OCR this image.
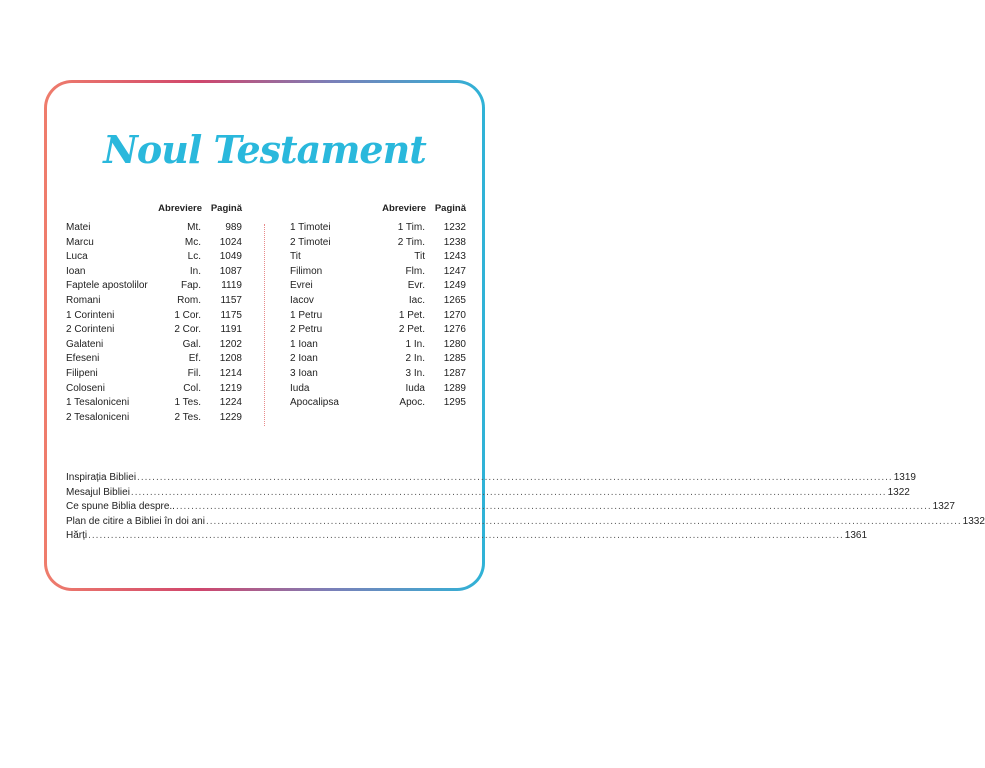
Noul Testament
Abreviere Pagină
Matei	Mt. 989
Marcu	Mc. 1024
Luca	Lc. 1049
Ioan	In. 1087
Faptele apostolilor	Fap. 1119
Romani	Rom. 1157
1 Corinteni	1 Cor. 1175
2 Corinteni	2 Cor. 1191
Galateni	Gal. 1202
Efeseni	Ef. 1208
Filipeni	Fil. 1214
Coloseni	Col. 1219
1 Tesaloniceni	1 Tes. 1224
2 Tesaloniceni	2 Tes. 1229
Abreviere Pagină
1 Timotei	1 Tim. 1232
2 Timotei	2 Tim. 1238
Tit	Tit 1243
Filimon	Flm. 1247
Evrei	Evr. 1249
Iacov	Iac. 1265
1 Petru	1 Pet. 1270
2 Petru	2 Pet. 1276
1 Ioan	1 In. 1280
2 Ioan	2 In. 1285
3 Ioan	3 In. 1287
Iuda	Iuda 1289
Apocalipsa	Apoc. 1295
Inspirația Bibliei ........................................................................................................................................................................................................ 1319
Mesajul Bibliei ........................................................................................................................................................................................................ 1322
Ce spune Biblia despre.. ........................................................................................................................................................................................................ 1327
Plan de citire a Bibliei în doi ani ........................................................................................................................................................................................................ 1332
Hărți ........................................................................................................................................................................................................ 1361
